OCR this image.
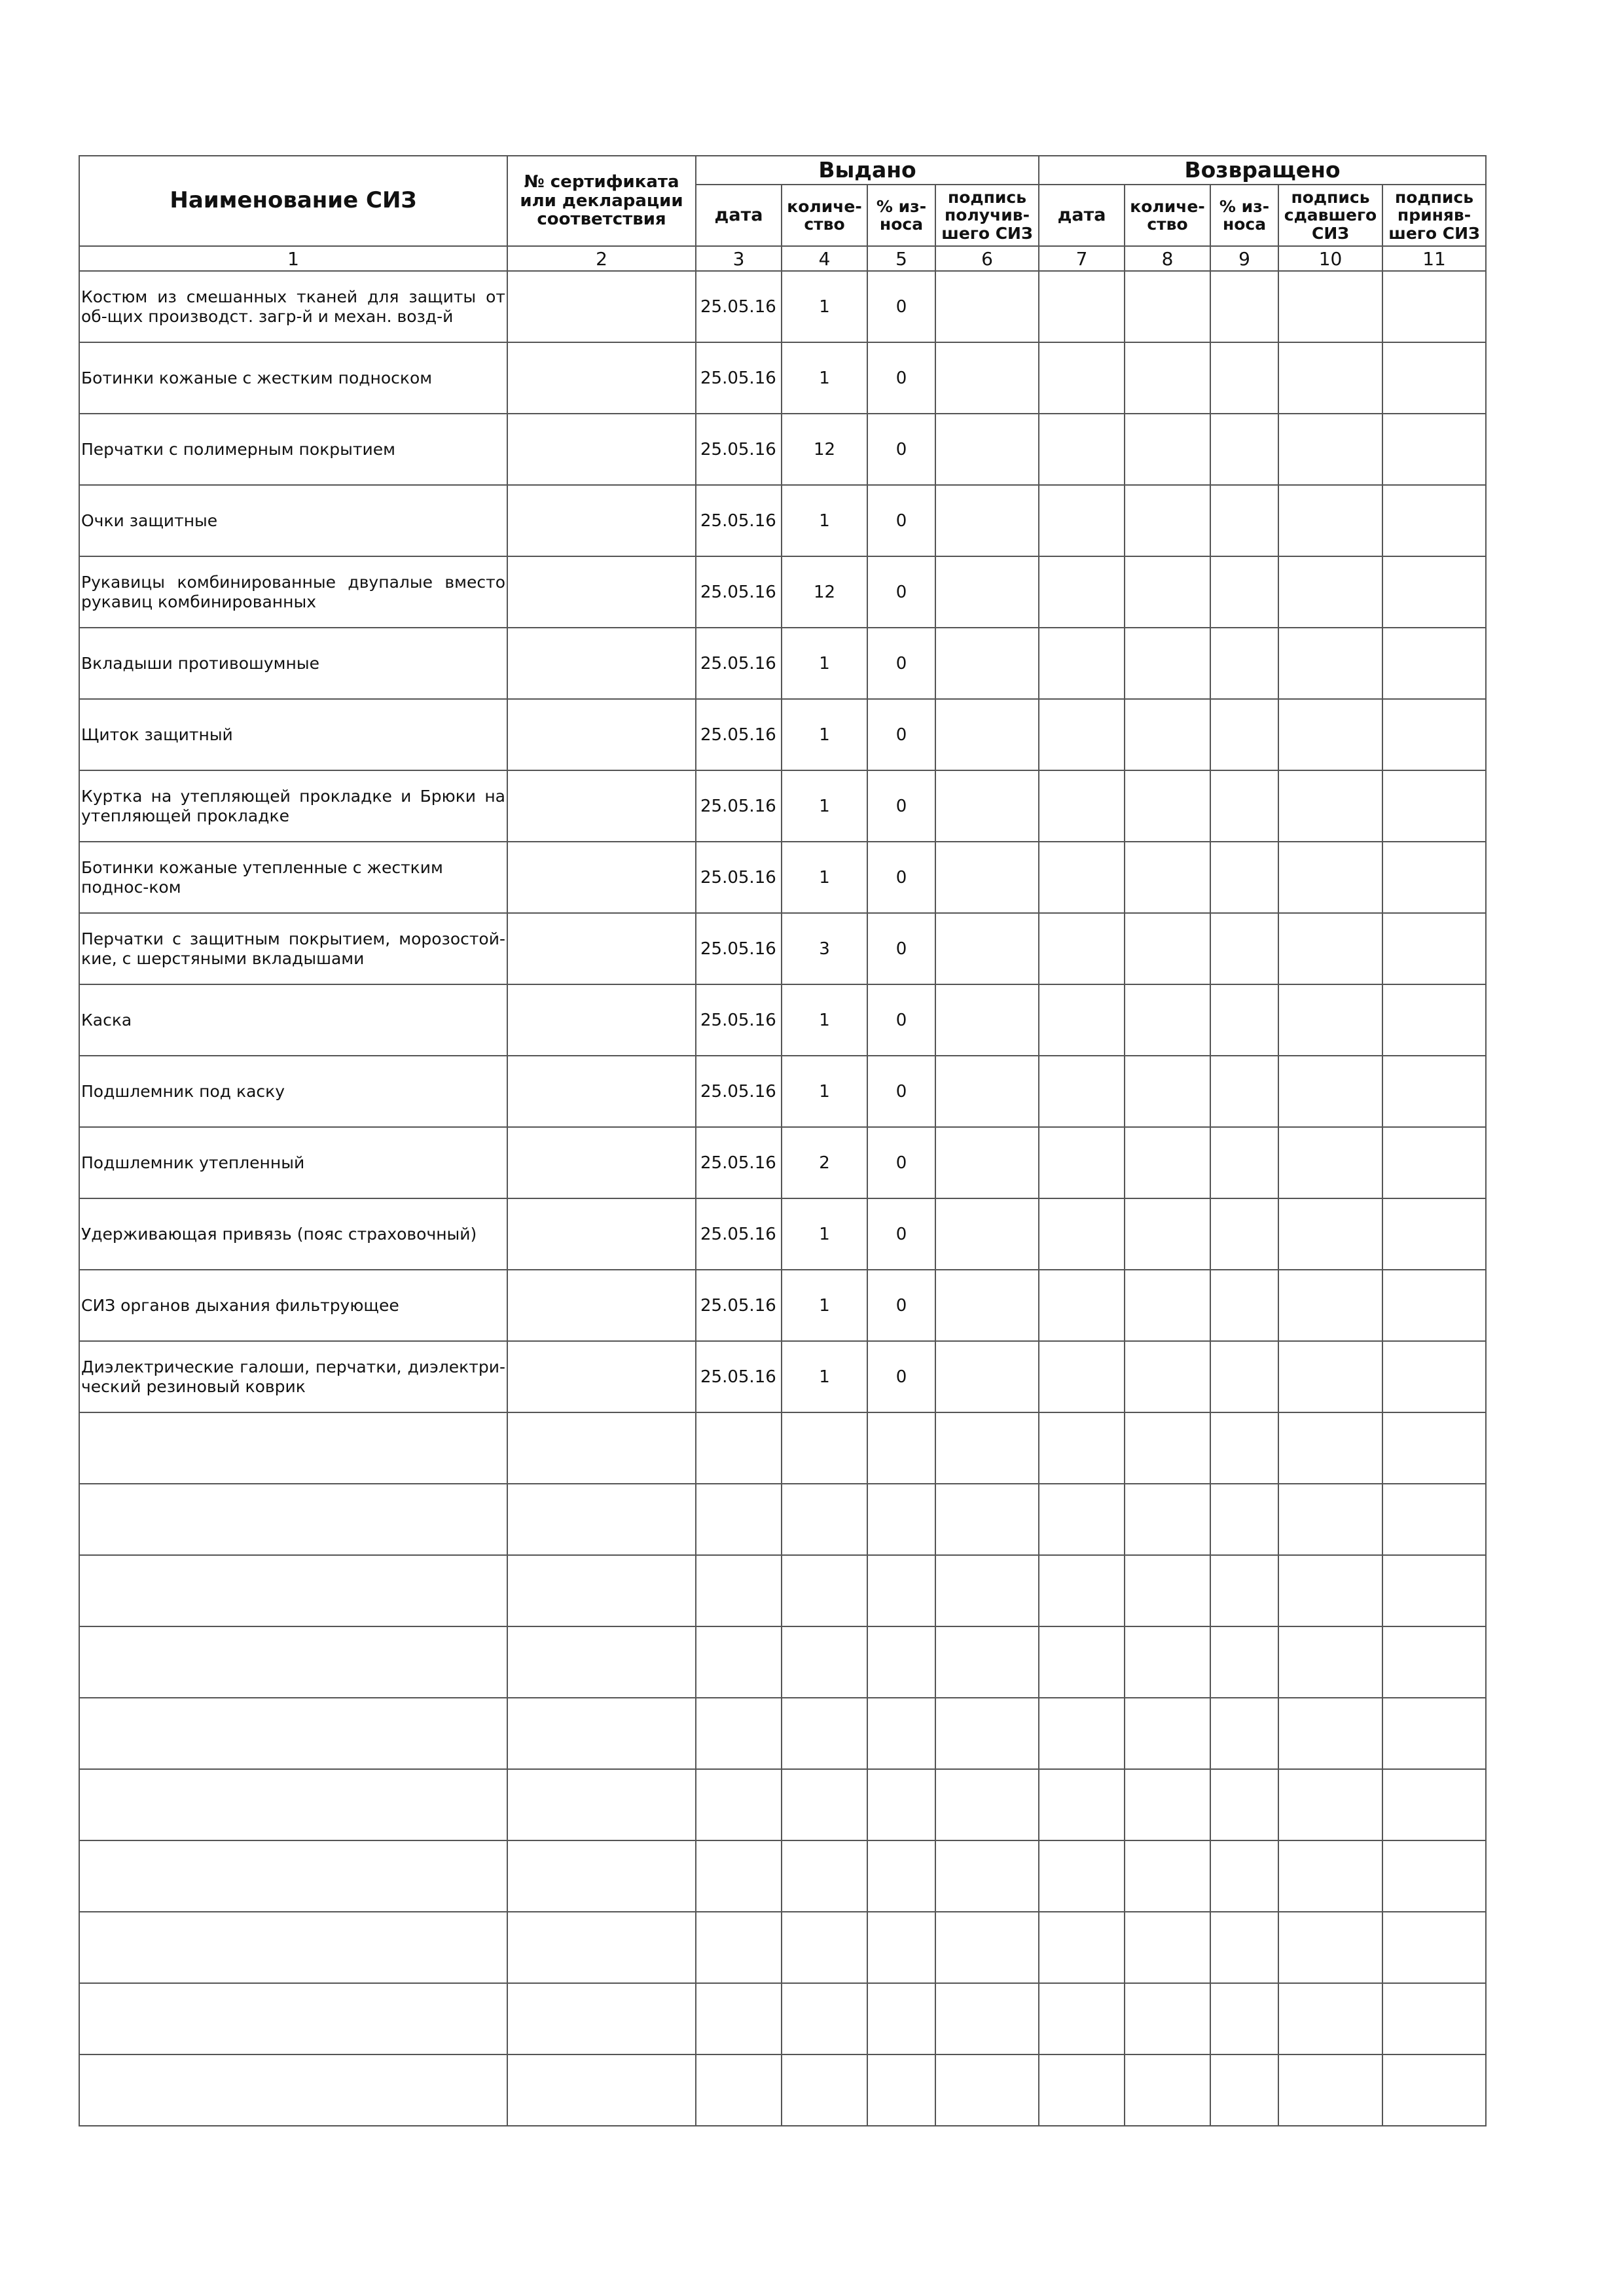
Наименование СИЗ	№ сертификата или декларации соответствия	Выдано				Возвращено				
		дата	количе-ство	% из-носа	подпись получив-шего СИЗ	дата	количе-ство	% из-носа	подпись сдавшего СИЗ	подпись приняв-шего СИЗ
1	2	3	4	5	6	7	8	9	10	11
Костюм из смешанных тканей для защиты от об-щих производст. загр-й и механ. возд-й		25.05.16	1	0						
Ботинки кожаные с жестким подноском		25.05.16	1	0						
Перчатки с полимерным покрытием		25.05.16	12	0						
Очки защитные		25.05.16	1	0						
Рукавицы комбинированные двупалые вместо рукавиц комбинированных		25.05.16	12	0						
Вкладыши противошумные		25.05.16	1	0						
Щиток защитный		25.05.16	1	0						
Куртка на утепляющей прокладке и Брюки на утепляющей прокладке		25.05.16	1	0						
Ботинки кожаные утепленные с жестким поднос-ком		25.05.16	1	0						
Перчатки с защитным покрытием, морозостой-кие, с шерстяными вкладышами		25.05.16	3	0						
Каска		25.05.16	1	0						
Подшлемник под каску		25.05.16	1	0						
Подшлемник утепленный		25.05.16	2	0						
Удерживающая привязь (пояс страховочный)		25.05.16	1	0						
СИЗ органов дыхания фильтрующее		25.05.16	1	0						
Диэлектрические галоши, перчатки, диэлектри-ческий резиновый коврик		25.05.16	1	0						
